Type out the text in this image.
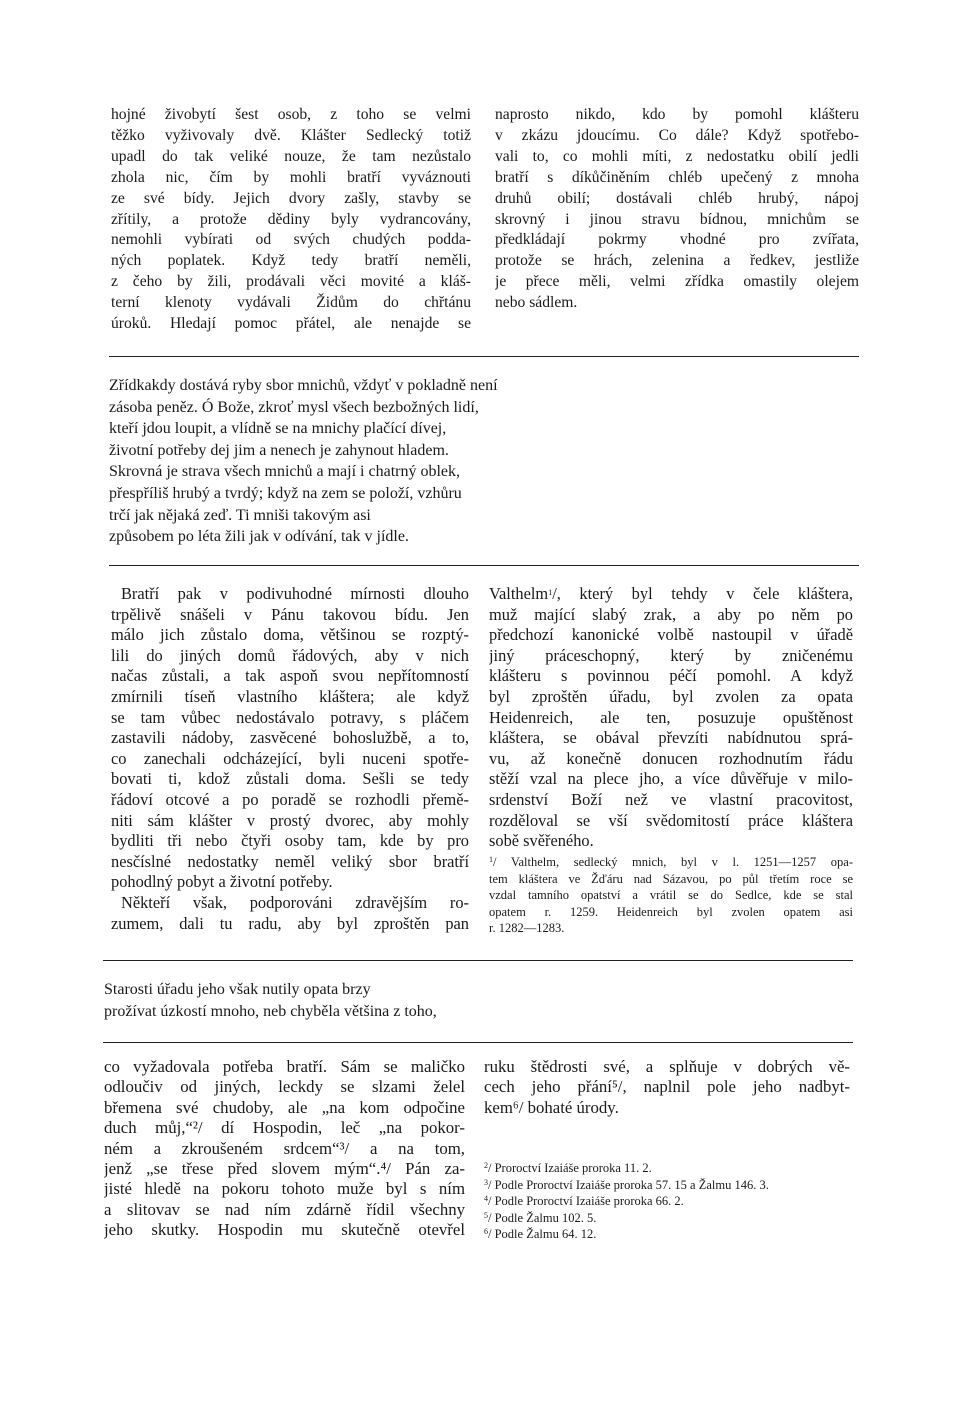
hojné živobytí šest osob, z toho se velmi
těžko vyživovaly dvě. Klášter Sedlecký totiž
upadl do tak veliké nouze, že tam nezůstalo
zhola nic, čím by mohli bratří vyváznouti
ze své bídy. Jejich dvory zašly, stavby se
zřítily, a protože dědiny byly vydrancovány,
nemohli vybírati od svých chudých podda-
ných poplatek. Když tedy bratří neměli,
z čeho by žili, prodávali věci movité a kláš-
terní klenoty vydávali Židům do chřtánu
úroků. Hledají pomoc přátel, ale nenajde se
naprosto nikdo, kdo by pomohl klášteru
v zkázu jdoucímu. Co dále? Když spotřebo-
vali to, co mohli míti, z nedostatku obilí jedli
bratří s díkůčiněním chléb upečený z mnoha
druhů obilí; dostávali chléb hrubý, nápoj
skrovný i jinou stravu bídnou, mnichům se
předkládají pokrmy vhodné pro zvířata,
protože se hrách, zelenina a ředkev, jestliže
je přece měli, velmi zřídka omastily olejem
nebo sádlem.
Zřídkakdy dostává ryby sbor mnichů, vždyť v pokladně není
zásoba peněz. Ó Bože, zkroť mysl všech bezbožných lidí,
kteří jdou loupit, a vlídně se na mnichy plačící dívej,
životní potřeby dej jim a nenech je zahynout hladem.
Skrovná je strava všech mnichů a mají i chatrný oblek,
přespříliš hrubý a tvrdý; když na zem se položí, vzhůru
trčí jak nějaká zeď. Ti mniši takovým asi
způsobem po léta žili jak v odívání, tak v jídle.
Bratří pak v podivuhodné mírnosti dlouho
trpělivě snášeli v Pánu takovou bídu. Jen
málo jich zůstalo doma, většinou se rozptý-
lili do jiných domů řádových, aby v nich
načas zůstali, a tak aspoň svou nepřítomností
zmírnili tíseň vlastního kláštera; ale když
se tam vůbec nedostávalo potravy, s pláčem
zastavili nádoby, zasvěcené bohoslužbě, a to,
co zanechali odcházející, byli nuceni spotře-
bovati ti, kdož zůstali doma. Sešli se tedy
řádoví otcové a po poradě se rozhodli přemě-
niti sám klášter v prostý dvorec, aby mohly
bydliti tři nebo čtyři osoby tam, kde by pro
nesčíslné nedostatky neměl veliký sbor bratří
pohodlný pobyt a životní potřeby.
Někteří však, podporováni zdravějším ro-
zumem, dali tu radu, aby byl zproštěn pan
Valthelm$^1$/, který byl tehdy v čele kláštera,
muž mající slabý zrak, a aby po něm po
předchozí kanonické volbě nastoupil v úřadě
jiný práceschopný, který by zničenému
klášteru s povinnou péčí pomohl. A když
byl zproštěn úřadu, byl zvolen za opata
Heidenreich, ale ten, posuzuje opuštěnost
kláštera, se obával převzíti nabídnutou sprá-
vu, až konečně donucen rozhodnutím řádu
stěží vzal na plece jho, a více důvěřuje v milo-
srdenství Boží než ve vlastní pracovitost,
rozděloval se vší svědomitostí práce kláštera
sobě svěřeného.
$^1$/ Valthelm, sedlecký mnich, byl v l. 1251—1257 opa-
tem kláštera ve Žďáru nad Sázavou, po půl třetím roce se
vzdal tamního opatství a vrátil se do Sedlce, kde se stal
opatem r. 1259. Heidenreich byl zvolen opatem asi
r. 1282—1283.
Starosti úřadu jeho však nutily opata brzy
prožívat úzkostí mnoho, neb chyběla většina z toho,
co vyžadovala potřeba bratří. Sám se maličko
odloučiv od jiných, leckdy se slzami želel
břemena své chudoby, ale „na kom odpočine
duch můj,“²/ dí Hospodin, leč „na pokor-
ném a zkroušeném srdcem“³/ a na tom,
jenž „se třese před slovem mým“.⁴/ Pán za-
jisté hledě na pokoru tohoto muže byl s ním
a slitovav se nad ním zdárně řídil všechny
jeho skutky. Hospodin mu skutečně otevřel
ruku štědrosti své, a splňuje v dobrých vě-
cech jeho přání⁵/, naplnil pole jeho nadbyt-
kem⁶/ bohaté úrody.
$^2$/ Proroctví Izaiáše proroka 11. 2.
$^3$/ Podle Proroctví Izaiáše proroka 57. 15 a Žalmu 146. 3.
$^4$/ Podle Proroctví Izaiáše proroka 66. 2.
$^5$/ Podle Žalmu 102. 5.
$^6$/ Podle Žalmu 64. 12.
